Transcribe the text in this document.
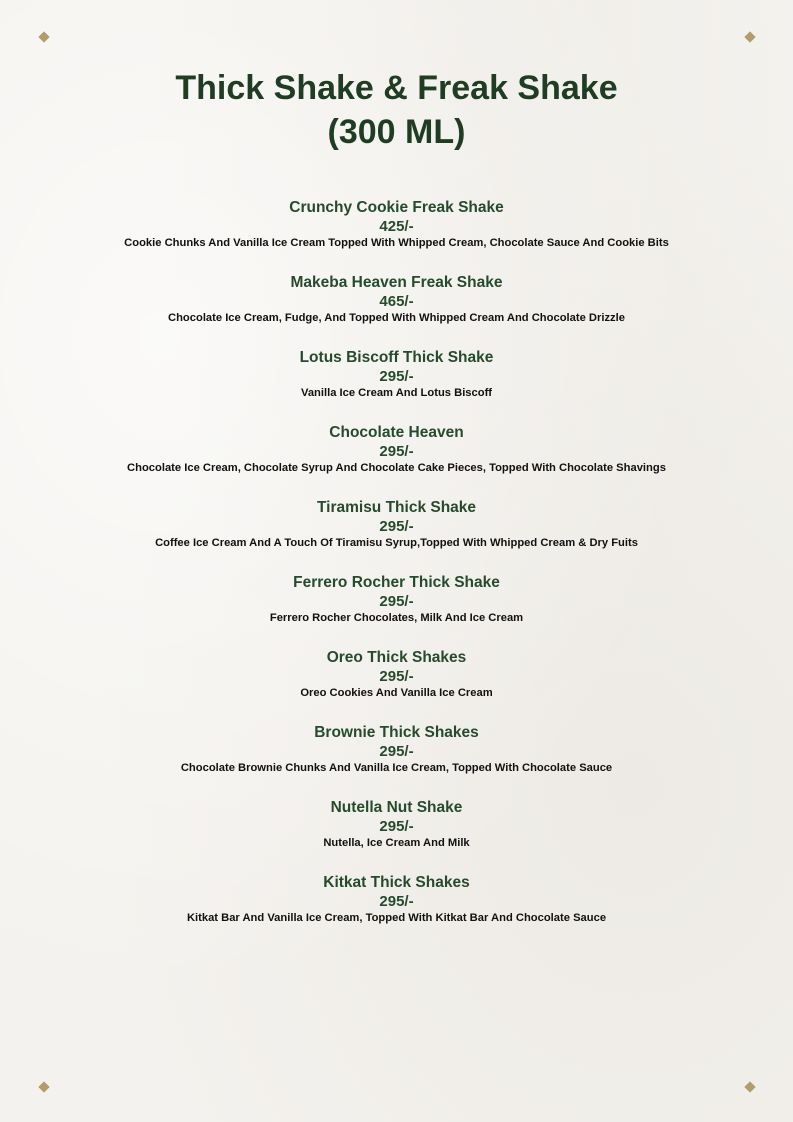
Thick Shake & Freak Shake
(300 ML)
Crunchy Cookie Freak Shake
425/-
Cookie Chunks And Vanilla Ice Cream Topped With Whipped Cream, Chocolate Sauce And Cookie Bits
Makeba Heaven Freak Shake
465/-
Chocolate Ice Cream, Fudge, And Topped With Whipped Cream And Chocolate Drizzle
Lotus Biscoff Thick Shake
295/-
Vanilla Ice Cream And Lotus Biscoff
Chocolate Heaven
295/-
Chocolate Ice Cream, Chocolate Syrup And Chocolate Cake Pieces, Topped With Chocolate Shavings
Tiramisu Thick Shake
295/-
Coffee Ice Cream And A Touch Of Tiramisu Syrup,Topped With Whipped Cream & Dry Fuits
Ferrero Rocher Thick Shake
295/-
Ferrero Rocher Chocolates, Milk And Ice Cream
Oreo Thick Shakes
295/-
Oreo Cookies And Vanilla Ice Cream
Brownie Thick Shakes
295/-
Chocolate Brownie Chunks And Vanilla Ice Cream, Topped With Chocolate Sauce
Nutella Nut Shake
295/-
Nutella, Ice Cream And Milk
Kitkat Thick Shakes
295/-
Kitkat Bar And Vanilla Ice Cream, Topped With Kitkat Bar And Chocolate Sauce
